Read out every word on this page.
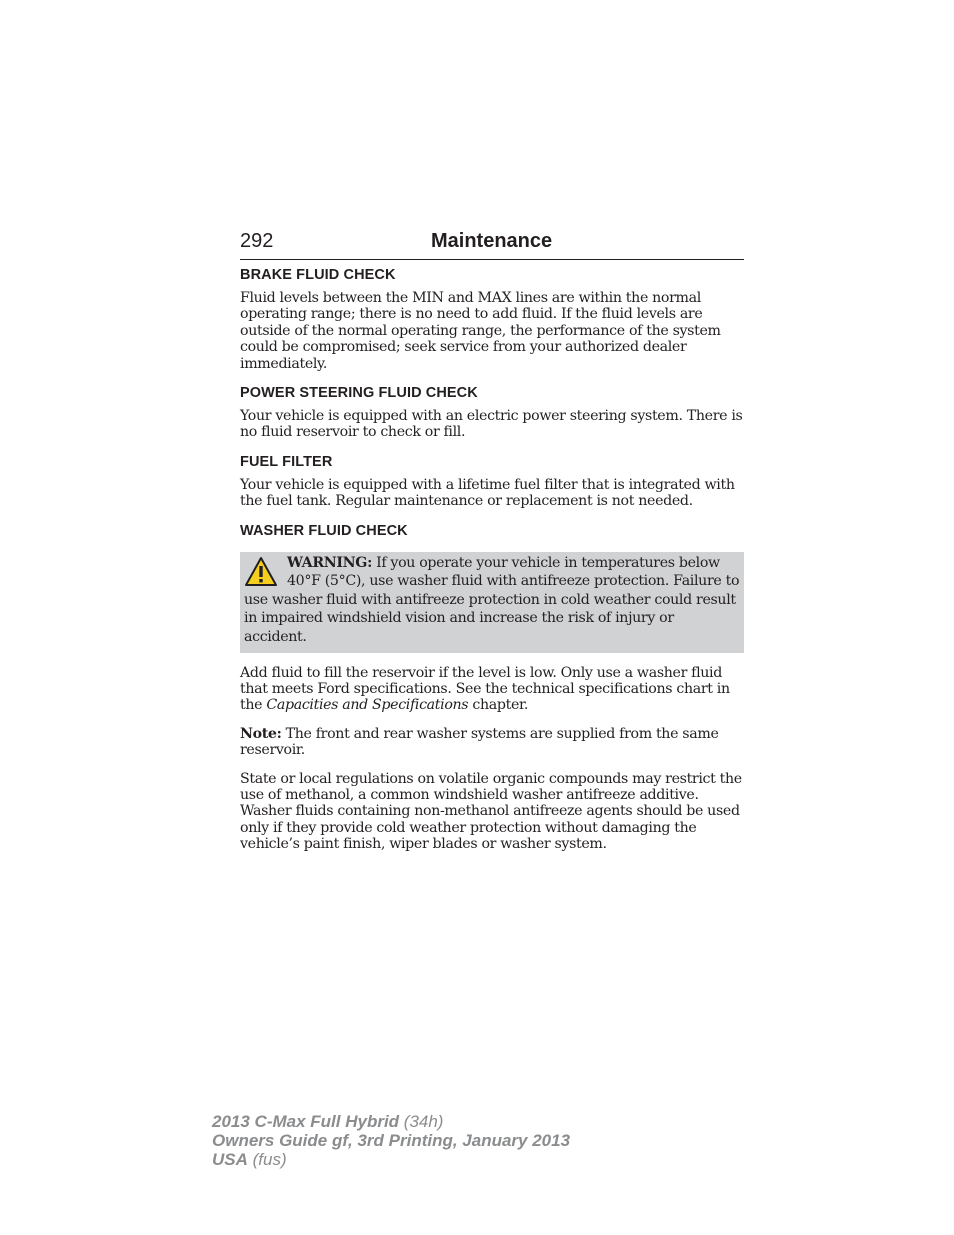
292	Maintenance
BRAKE FLUID CHECK

Fluid levels between the MIN and MAX lines are within the normal operating range; there is no need to add fluid. If the fluid levels are outside of the normal operating range, the performance of the system could be compromised; seek service from your authorized dealer immediately.

POWER STEERING FLUID CHECK

Your vehicle is equipped with an electric power steering system. There is no fluid reservoir to check or fill.

FUEL FILTER

Your vehicle is equipped with a lifetime fuel filter that is integrated with the fuel tank. Regular maintenance or replacement is not needed.

WASHER FLUID CHECK
WARNING: If you operate your vehicle in temperatures below 40°F (5°C), use washer fluid with antifreeze protection. Failure to use washer fluid with antifreeze protection in cold weather could result in impaired windshield vision and increase the risk of injury or accident.

Add fluid to fill the reservoir if the level is low. Only use a washer fluid that meets Ford specifications. See the technical specifications chart in the Capacities and Specifications chapter.

Note: The front and rear washer systems are supplied from the same reservoir.

State or local regulations on volatile organic compounds may restrict the use of methanol, a common windshield washer antifreeze additive. Washer fluids containing non-methanol antifreeze agents should be used only if they provide cold weather protection without damaging the vehicle’s paint finish, wiper blades or washer system.

2013 C-Max Full Hybrid (34h)
Owners Guide gf, 3rd Printing, January 2013
USA (fus)
